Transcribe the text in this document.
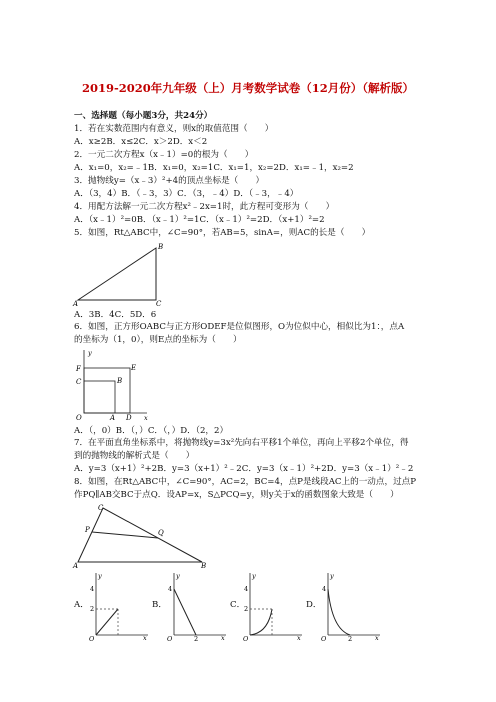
2019-2020年九年级（上）月考数学试卷（12月份）（解析版）
一、选择题（每小题3分，共24分）
1．若在实数范围内有意义，则x的取值范围（　　）
A．x≥2B．x≤2C．x＞2D．x＜2
2．一元二次方程x（x﹣1）=0的根为（　　）
A．x₁=0，x₂=﹣1B．x₁=0，x₂=1C．x₁=1，x₂=2D．x₁=﹣1，x₂=2
3．抛物线y=（x﹣3）²+4的顶点坐标是（　　）
A．（3，4）B．（﹣3，3）C．（3，﹣4）D．（﹣3，﹣4）
4．用配方法解一元二次方程x²﹣2x=1时，此方程可变形为（　　）
A．（x﹣1）²=0B．（x﹣1）²=1C．（x﹣1）²=2D．（x+1）²=2
5．如图，Rt△ABC中，∠C=90°，若AB=5，sinA=，则AC的长是（　　）
B
A	C
A．3B．4C．5D．6
6．如图，正方形OABC与正方形ODEF是位似图形，O为位似中心，相似比为1：，点A
的坐标为（1，0），则E点的坐标为（　　）
y
F
C
E
B
O	A D x
A．（，0）B．（，）C．（，）D．（2，2）
7．在平面直角坐标系中，将抛物线y=3x²先向右平移1个单位，再向上平移2个单位，得
到的抛物线的解析式是（　　）
A．y=3（x+1）²+2B．y=3（x+1）²﹣2C．y=3（x﹣1）²+2D．y=3（x﹣1）²﹣2
8．如图，在Rt△ABC中，∠C=90°，AC=2，BC=4，点P是线段AC上的一动点，过点P
作PQ∥AB交BC于点Q．设AP=x，S△PCQ=y，则y关于x的函数图象大致是（　　）
C
P	Q
A	B
A．
y
4
2
O	x
B．
y
4
O	2	x
C．
y
4
2
O	x
D．
y
4
O	2	x
